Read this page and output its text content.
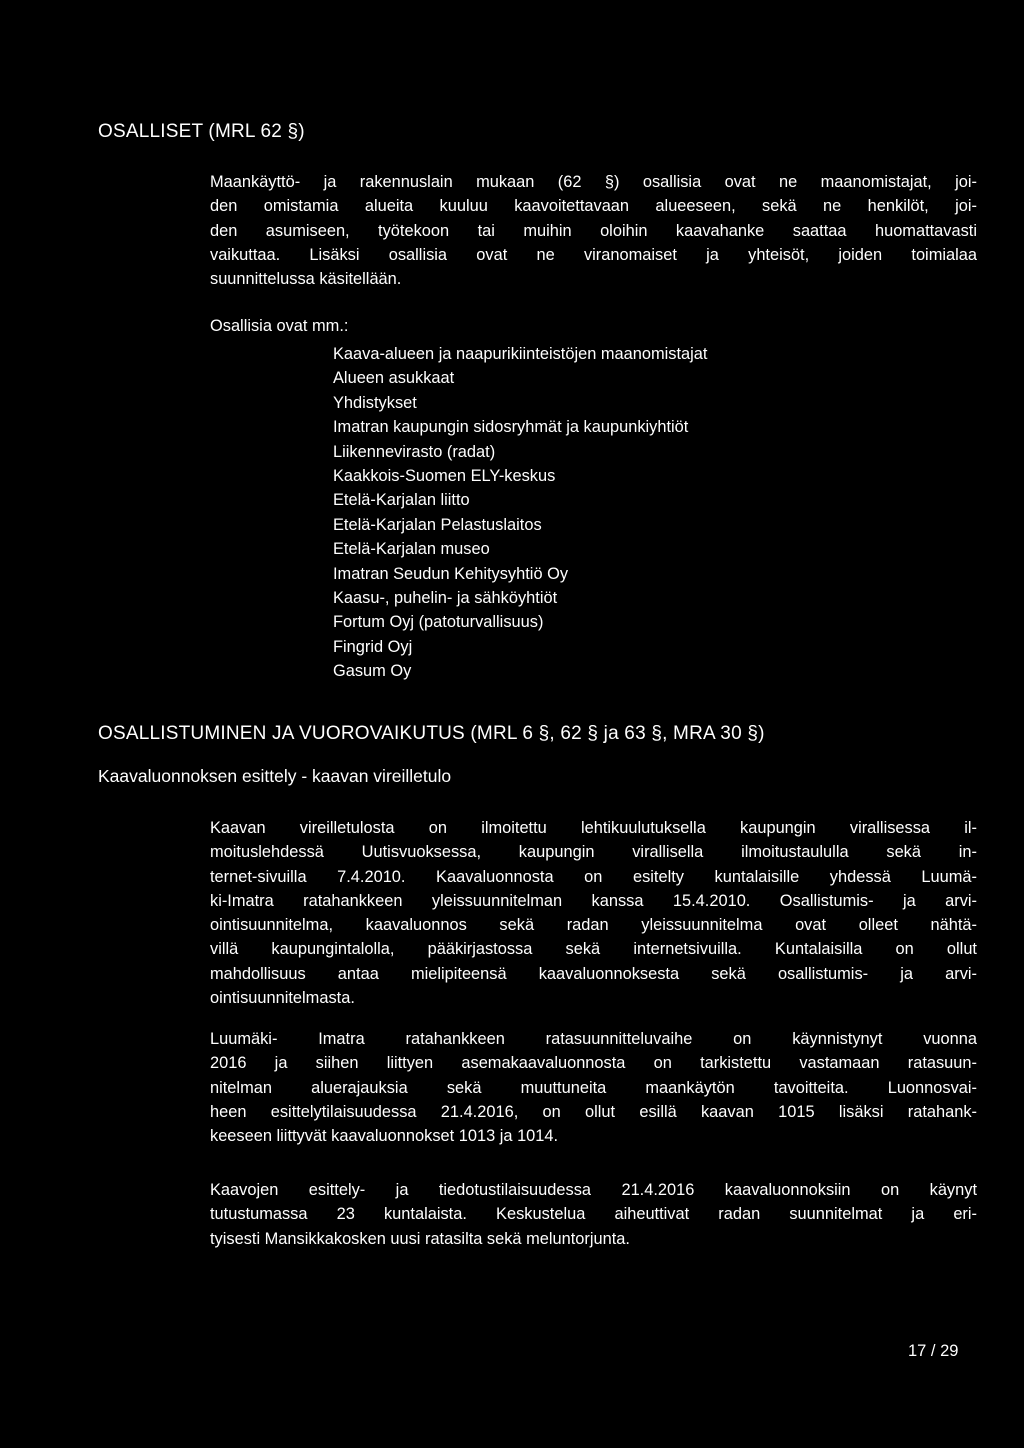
OSALLISET (MRL 62 §)

Maankäyttö- ja rakennuslain mukaan (62 §) osallisia ovat ne maanomistajat, joi-
den omistamia alueita kuuluu kaavoitettavaan alueeseen, sekä ne henkilöt, joi-
den asumiseen, työtekoon tai muihin oloihin kaavahanke saattaa huomattavasti
vaikuttaa. Lisäksi osallisia ovat ne viranomaiset ja yhteisöt, joiden toimialaa
suunnittelussa käsitellään.

Osallisia ovat mm.:
Kaava-alueen ja naapurikiinteistöjen maanomistajat
Alueen asukkaat
Yhdistykset
Imatran kaupungin sidosryhmät ja kaupunkiyhtiöt
Liikennevirasto (radat)
Kaakkois-Suomen ELY-keskus
Etelä-Karjalan liitto
Etelä-Karjalan Pelastuslaitos
Etelä-Karjalan museo
Imatran Seudun Kehitysyhtiö Oy
Kaasu-, puhelin- ja sähköyhtiöt
Fortum Oyj (patoturvallisuus)
Fingrid Oyj
Gasum Oy
OSALLISTUMINEN JA VUOROVAIKUTUS (MRL 6 §, 62 § ja 63 §, MRA 30 §)
Kaavaluonnoksen esittely - kaavan vireilletulo

Kaavan vireilletulosta on ilmoitettu lehtikuulutuksella kaupungin virallisessa il-
moituslehdessä Uutisvuoksessa, kaupungin virallisella ilmoitustaululla sekä in-
ternet-sivuilla 7.4.2010. Kaavaluonnosta on esitelty kuntalaisille yhdessä Luumä-
ki-Imatra ratahankkeen yleissuunnitelman kanssa 15.4.2010. Osallistumis- ja arvi-
ointisuunnitelma, kaavaluonnos sekä radan yleissuunnitelma ovat olleet nähtä-
villä kaupungintalolla, pääkirjastossa sekä internetsivuilla. Kuntalaisilla on ollut
mahdollisuus antaa mielipiteensä kaavaluonnoksesta sekä osallistumis- ja arvi-
ointisuunnitelmasta.

Luumäki- Imatra ratahankkeen ratasuunnitteluvaihe on käynnistynyt vuonna
2016 ja siihen liittyen asemakaavaluonnosta on tarkistettu vastamaan ratasuun-
nitelman aluerajauksia sekä muuttuneita maankäytön tavoitteita. Luonnosvai-
heen esittelytilaisuudessa 21.4.2016, on ollut esillä kaavan 1015 lisäksi ratahank-
keeseen liittyvät kaavaluonnokset 1013 ja 1014.

Kaavojen esittely- ja tiedotustilaisuudessa 21.4.2016 kaavaluonnoksiin on käynyt
tutustumassa 23 kuntalaista. Keskustelua aiheuttivat radan suunnitelmat ja eri-
tyisesti Mansikkakosken uusi ratasilta sekä meluntorjunta.

17 / 29
